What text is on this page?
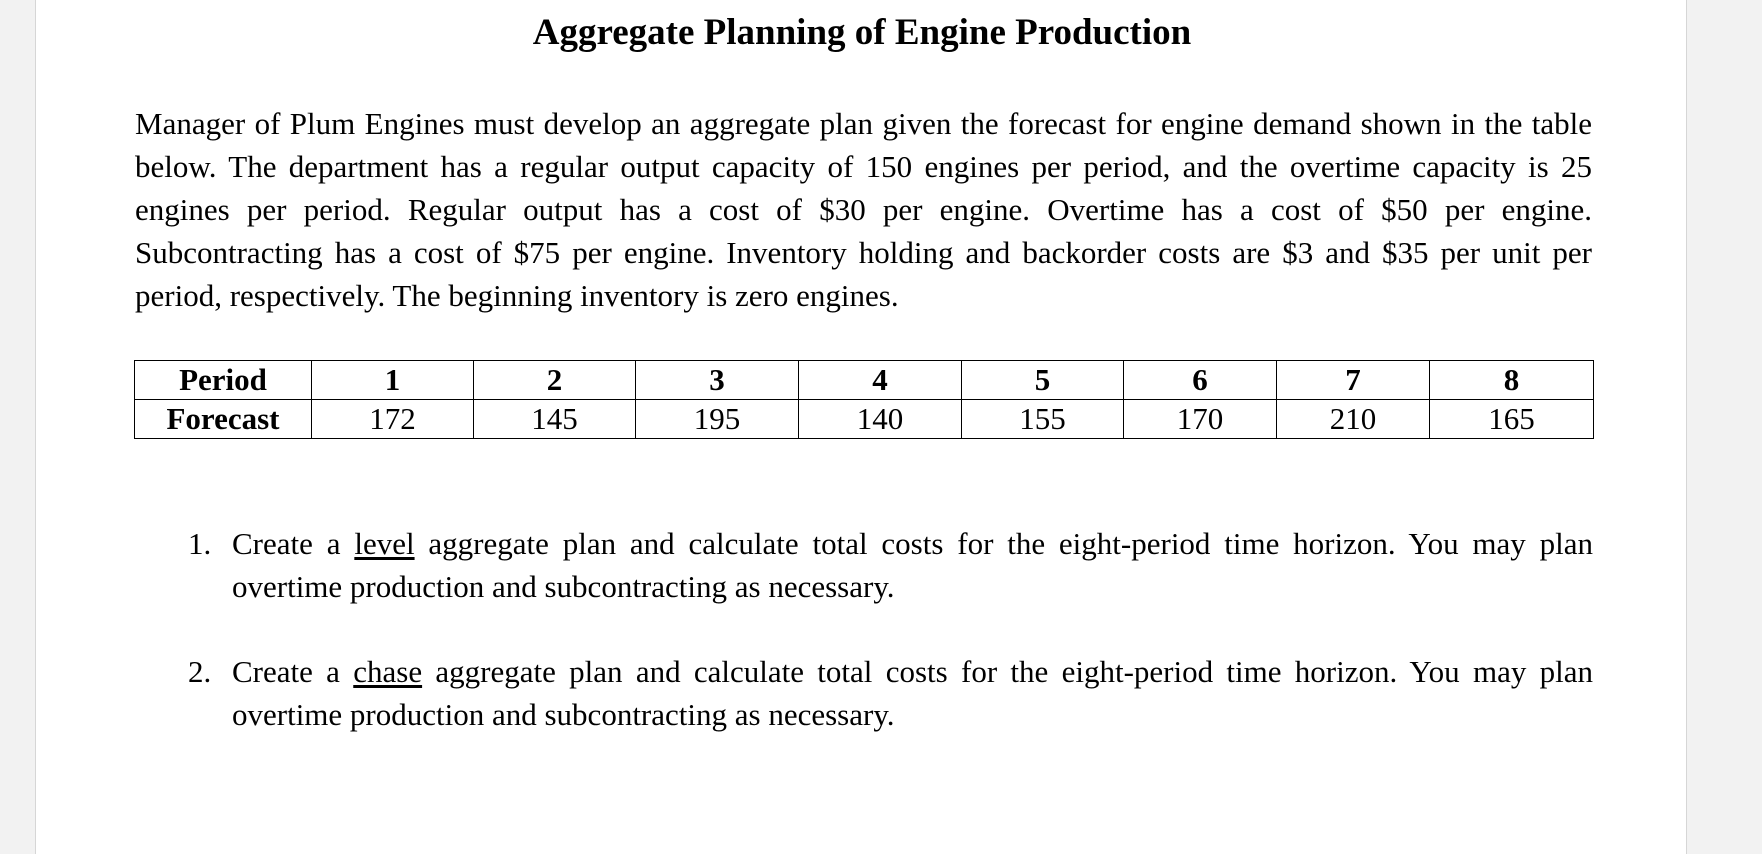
Aggregate Planning of Engine Production

Manager of Plum Engines must develop an aggregate plan given the forecast for engine demand shown in the table below. The department has a regular output capacity of 150 engines per period, and the overtime capacity is 25 engines per period. Regular output has a cost of $30 per engine. Overtime has a cost of $50 per engine. Subcontracting has a cost of $75 per engine. Inventory holding and backorder costs are $3 and $35 per unit per period, respectively. The beginning inventory is zero engines.

Period	1	2	3	4	5	6	7	8
Forecast	172	145	195	140	155	170	210	165
1. Create a level aggregate plan and calculate total costs for the eight-period time horizon. You may plan overtime production and subcontracting as necessary.
2. Create a chase aggregate plan and calculate total costs for the eight-period time horizon. You may plan overtime production and subcontracting as necessary.
